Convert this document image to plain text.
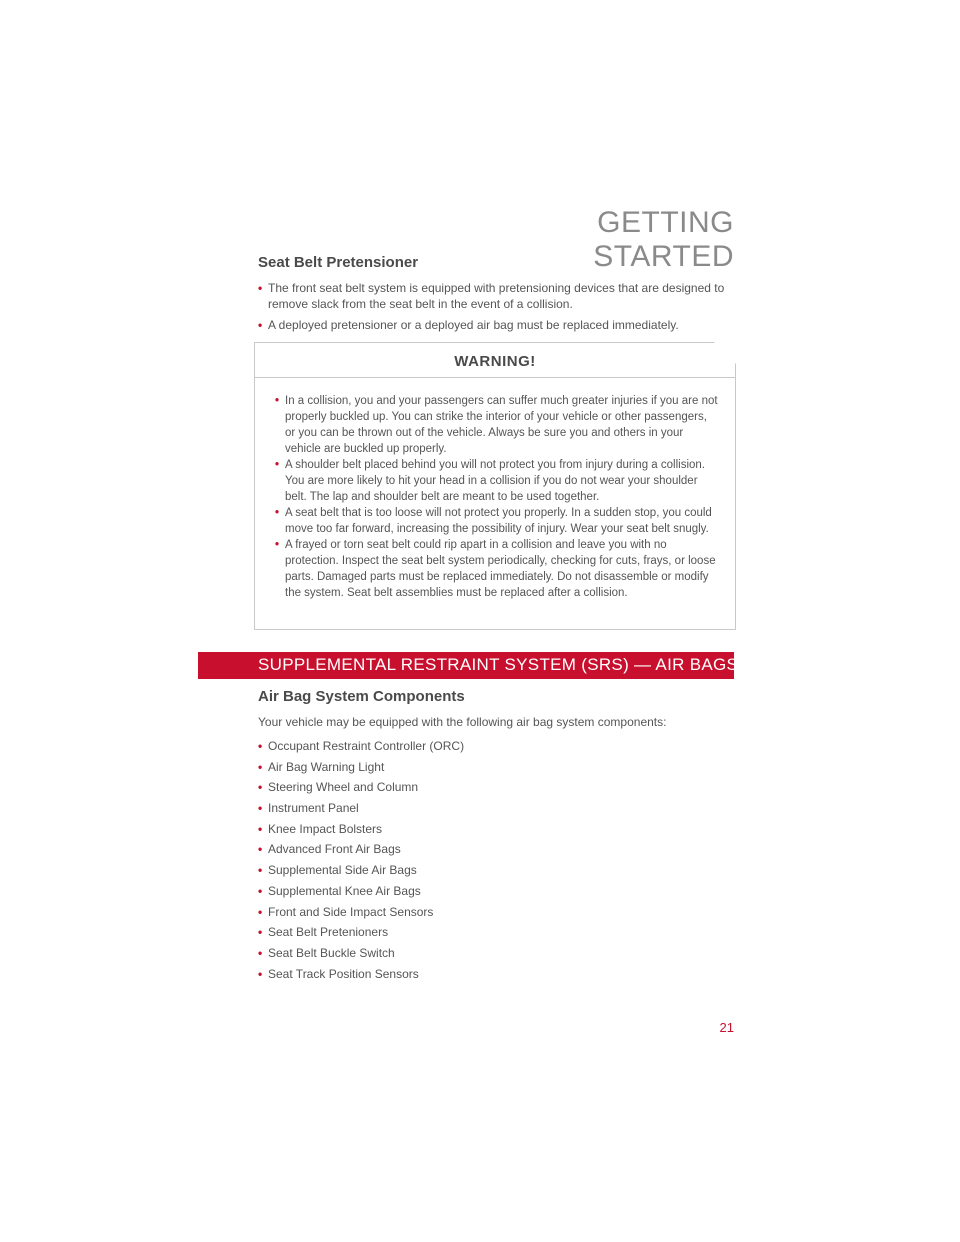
GETTING STARTED
Seat Belt Pretensioner
• The front seat belt system is equipped with pretensioning devices that are designed to remove slack from the seat belt in the event of a collision.
• A deployed pretensioner or a deployed air bag must be replaced immediately.
WARNING!
• In a collision, you and your passengers can suffer much greater injuries if you are not properly buckled up. You can strike the interior of your vehicle or other passengers, or you can be thrown out of the vehicle. Always be sure you and others in your vehicle are buckled up properly.
• A shoulder belt placed behind you will not protect you from injury during a collision. You are more likely to hit your head in a collision if you do not wear your shoulder belt. The lap and shoulder belt are meant to be used together.
• A seat belt that is too loose will not protect you properly. In a sudden stop, you could move too far forward, increasing the possibility of injury. Wear your seat belt snugly.
• A frayed or torn seat belt could rip apart in a collision and leave you with no protection. Inspect the seat belt system periodically, checking for cuts, frays, or loose parts. Damaged parts must be replaced immediately. Do not disassemble or modify the system. Seat belt assemblies must be replaced after a collision.
SUPPLEMENTAL RESTRAINT SYSTEM (SRS) — AIR BAGS
Air Bag System Components
Your vehicle may be equipped with the following air bag system components:
• Occupant Restraint Controller (ORC)
• Air Bag Warning Light
• Steering Wheel and Column
• Instrument Panel
• Knee Impact Bolsters
• Advanced Front Air Bags
• Supplemental Side Air Bags
• Supplemental Knee Air Bags
• Front and Side Impact Sensors
• Seat Belt Pretenioners
• Seat Belt Buckle Switch
• Seat Track Position Sensors
21
